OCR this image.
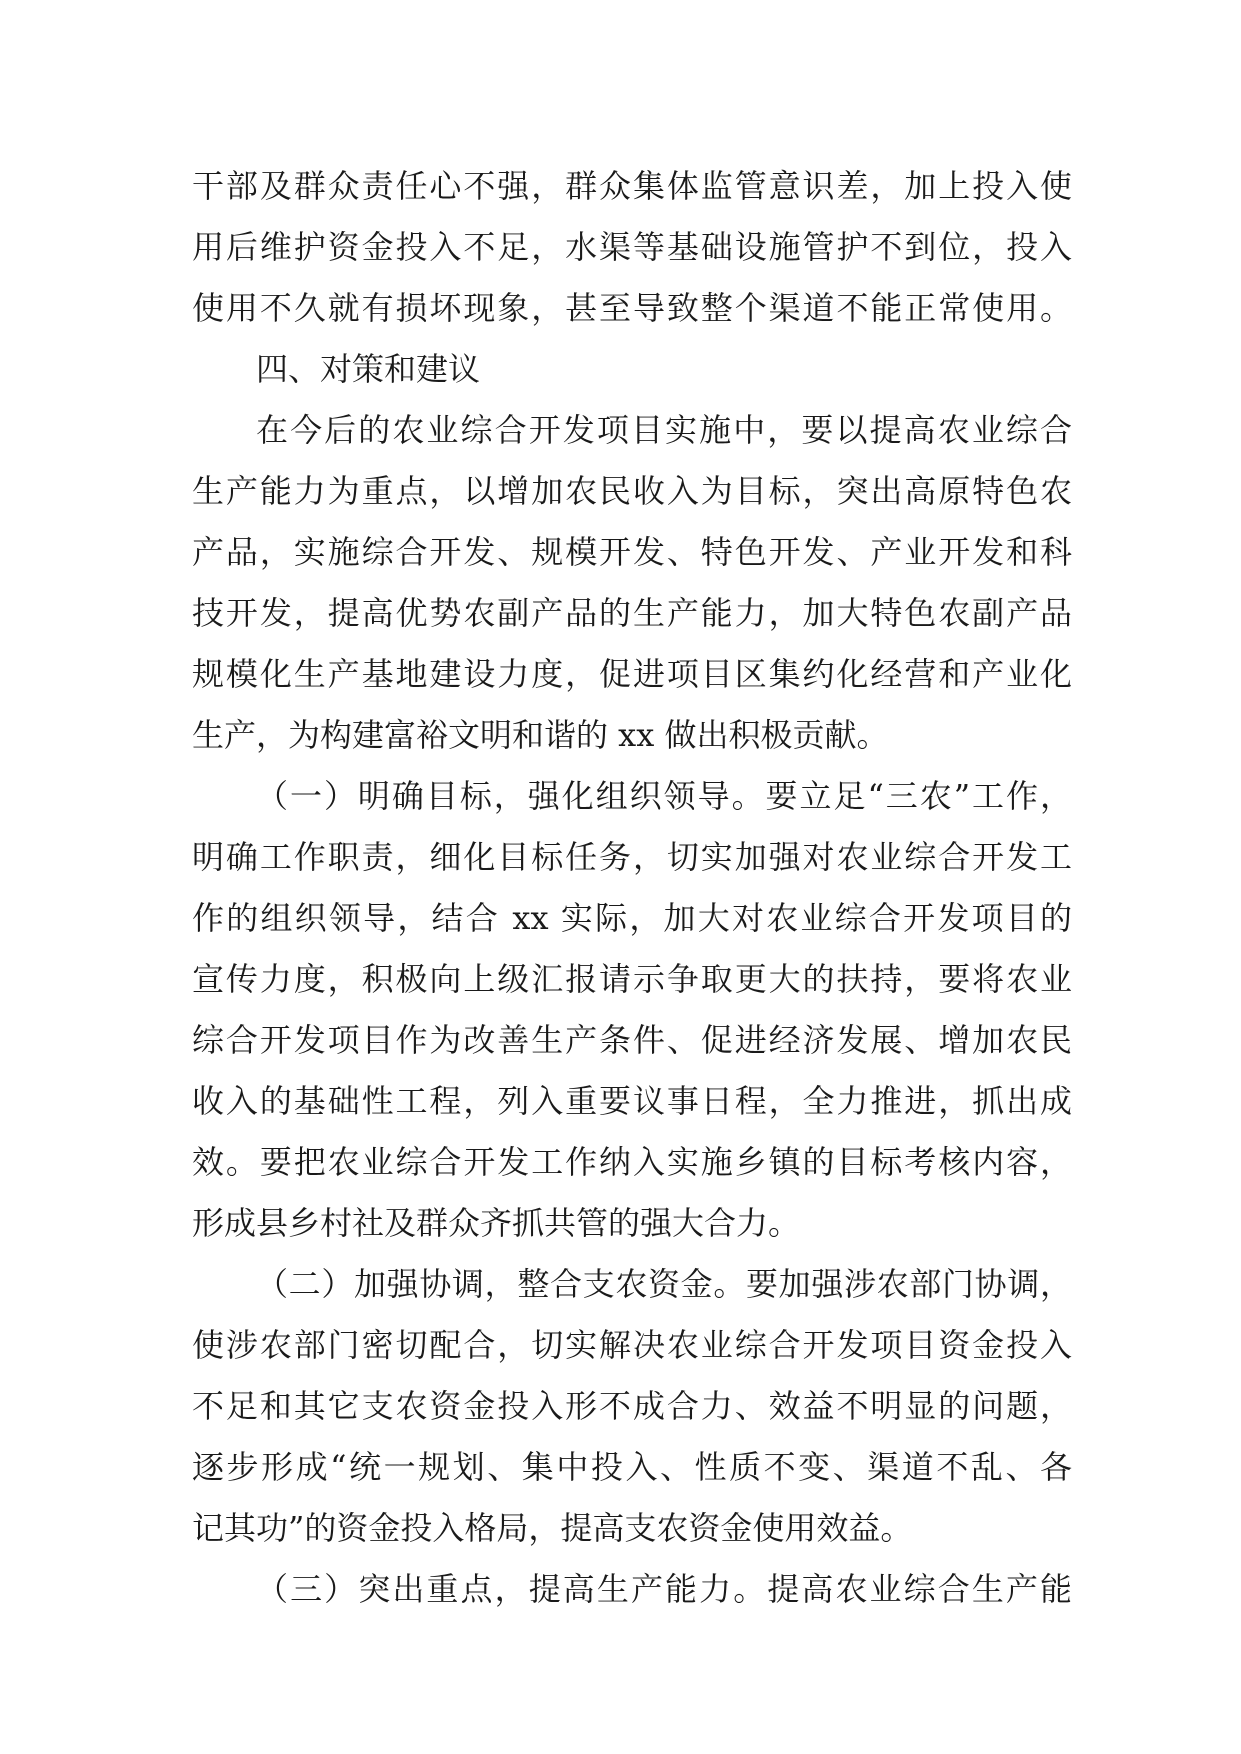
干部及群众责任心不强，群众集体监管意识差，加上投入使
用后维护资金投入不足，水渠等基础设施管护不到位，投入
使用不久就有损坏现象，甚至导致整个渠道不能正常使用。
四、对策和建议
在今后的农业综合开发项目实施中，要以提高农业综合
生产能力为重点，以增加农民收入为目标，突出高原特色农
产品，实施综合开发、规模开发、特色开发、产业开发和科
技开发，提高优势农副产品的生产能力，加大特色农副产品
规模化生产基地建设力度，促进项目区集约化经营和产业化
生产，为构建富裕文明和谐的 xx 做出积极贡献。
（一）明确目标，强化组织领导。要立足“三农”工作，
明确工作职责，细化目标任务，切实加强对农业综合开发工
作的组织领导，结合 xx 实际，加大对农业综合开发项目的
宣传力度，积极向上级汇报请示争取更大的扶持，要将农业
综合开发项目作为改善生产条件、促进经济发展、增加农民
收入的基础性工程，列入重要议事日程，全力推进，抓出成
效。要把农业综合开发工作纳入实施乡镇的目标考核内容，
形成县乡村社及群众齐抓共管的强大合力。
（二）加强协调，整合支农资金。要加强涉农部门协调，
使涉农部门密切配合，切实解决农业综合开发项目资金投入
不足和其它支农资金投入形不成合力、效益不明显的问题，
逐步形成“统一规划、集中投入、性质不变、渠道不乱、各
记其功”的资金投入格局，提高支农资金使用效益。
（三）突出重点，提高生产能力。提高农业综合生产能
